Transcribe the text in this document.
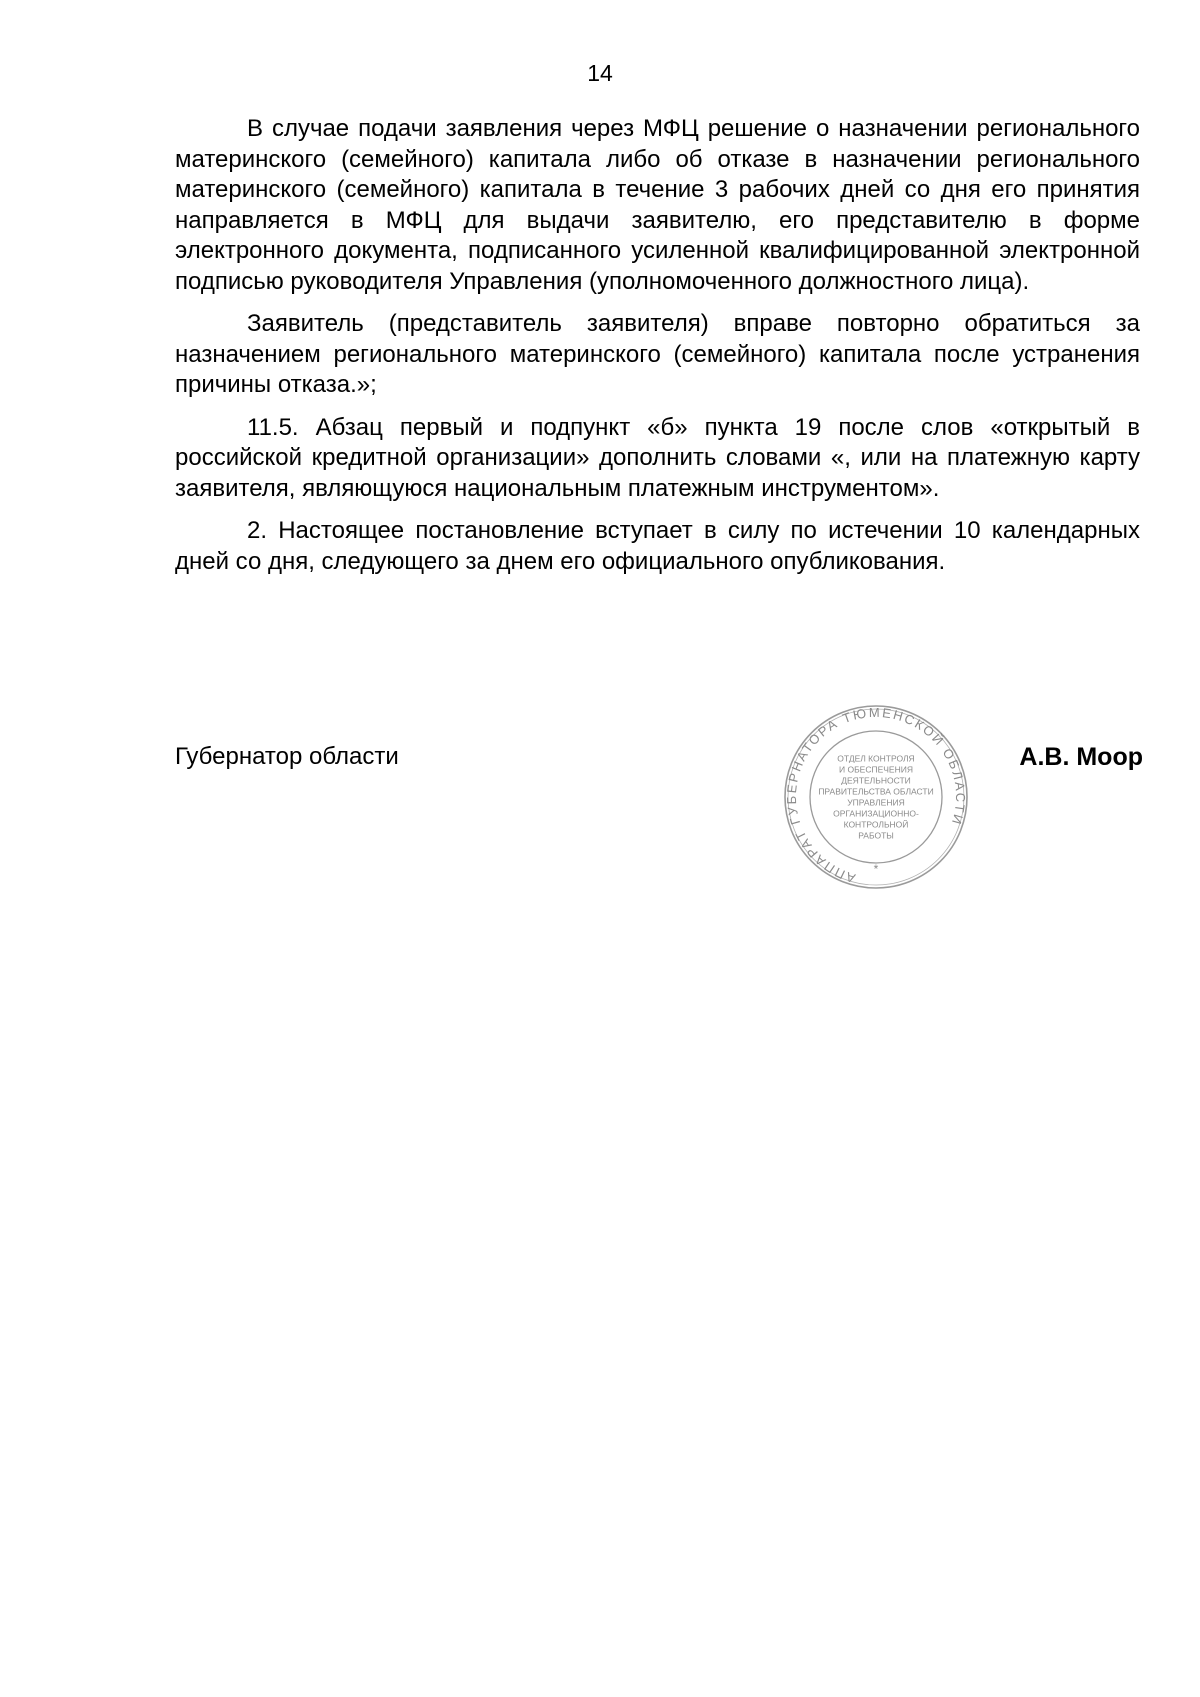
14

В случае подачи заявления через МФЦ решение о назначении регионального материнского (семейного) капитала либо об отказе в назначении регионального материнского (семейного) капитала в течение 3 рабочих дней со дня его принятия направляется в МФЦ для выдачи заявителю, его представителю в форме электронного документа, подписанного усиленной квалифицированной электронной подписью руководителя Управления (уполномоченного должностного лица).

Заявитель (представитель заявителя) вправе повторно обратиться за назначением регионального материнского (семейного) капитала после устранения причины отказа.»;

11.5. Абзац первый и подпункт «б» пункта 19 после слов «открытый в российской кредитной организации» дополнить словами «, или на платежную карту заявителя, являющуюся национальным платежным инструментом».

2. Настоящее постановление вступает в силу по истечении 10 календарных дней со дня, следующего за днем его официального опубликования.

Губернатор области
АППАРАТ ГУБЕРНАТОРА ТЮМЕНСКОЙ ОБЛАСТИ
ОТДЕЛ КОНТРОЛЯ
И ОБЕСПЕЧЕНИЯ
ДЕЯТЕЛЬНОСТИ
ПРАВИТЕЛЬСТВА ОБЛАСТИ
УПРАВЛЕНИЯ
ОРГАНИЗАЦИОННО-
КОНТРОЛЬНОЙ
РАБОТЫ
*
А.В. Моор
